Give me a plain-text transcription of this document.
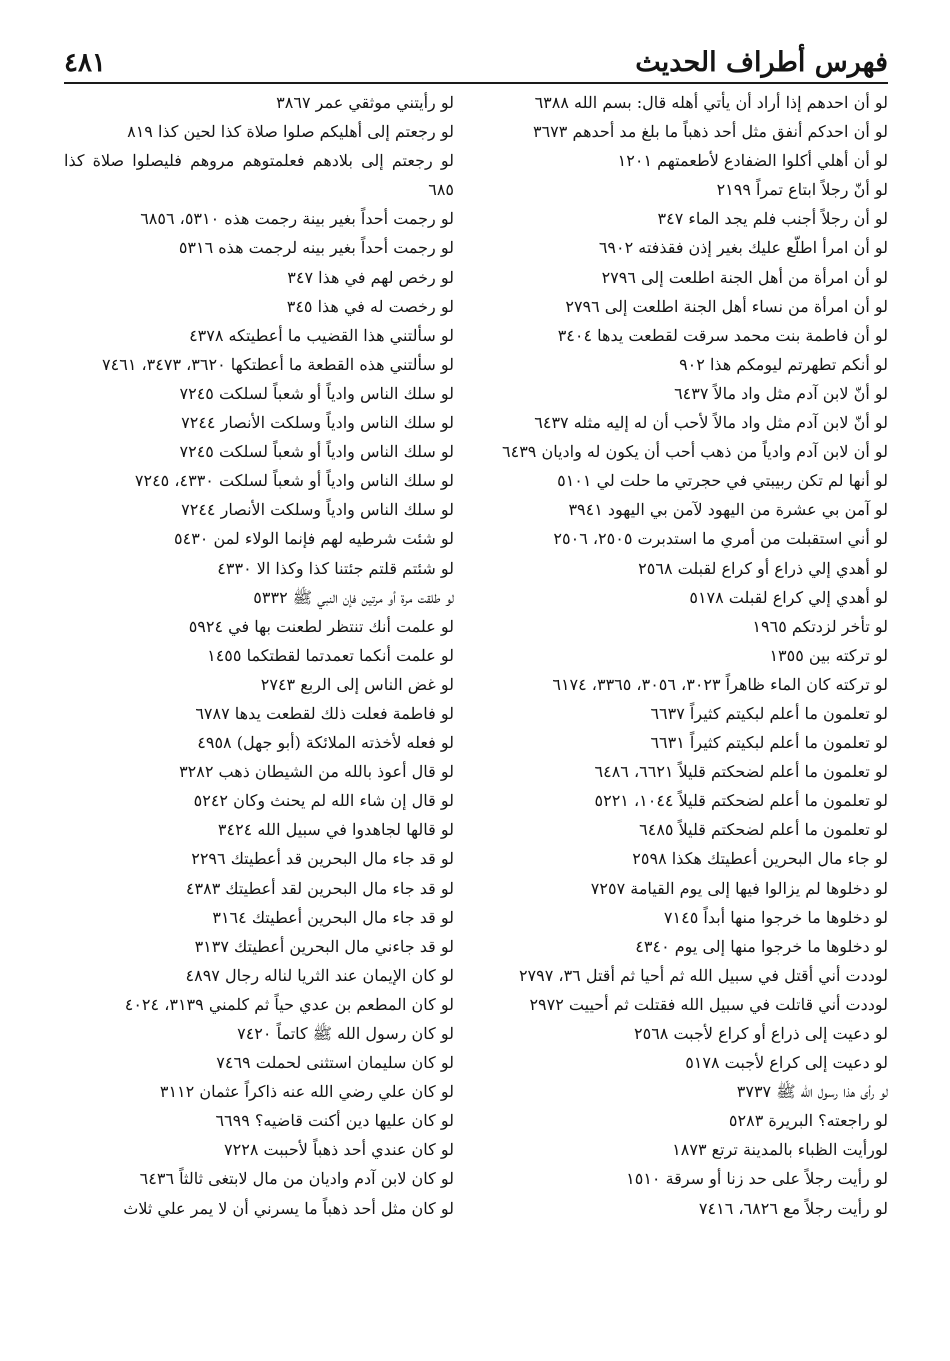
فهرس أطراف الحديث
٤٨١
لو أن احدهم إذا أراد أن يأتي أهله قال: بسم الله ٦٣٨٨
لو أن احدكم أنفق مثل أحد ذهباً ما بلغ مد أحدهم ٣٦٧٣
لو أن أهلي أكلوا الضفادع لأطعمتهم ١٢٠١
لو أنّ رجلاً ابتاع تمراً ٢١٩٩
لو أن رجلاً أجنب فلم يجد الماء ٣٤٧
لو أن امرأ اطلّع عليك بغير إذن فقذفته ٦٩٠٢
لو أن امرأة من أهل الجنة اطلعت إلى ٢٧٩٦
لو أن امرأة من نساء أهل الجنة اطلعت إلى ٢٧٩٦
لو أن فاطمة بنت محمد سرقت لقطعت يدها ٣٤٠٤
لو أنكم تطهرتم ليومكم هذا ٩٠٢
لو أنّ لابن آدم مثل واد مالاً ٦٤٣٧
لو أنّ لابن آدم مثل واد مالاً لأحب أن له إليه مثله ٦٤٣٧
لو أن لابن آدم وادياً من ذهب أحب أن يكون له واديان ٦٤٣٩
لو أنها لم تكن ربيبتي في حجرتي ما حلت لي ٥١٠١
لو آمن بي عشرة من اليهود لآمن بي اليهود ٣٩٤١
لو أني استقبلت من أمري ما استدبرت ٢٥٠٥، ٢٥٠٦
لو أهدي إلي ذراع أو كراع لقبلت ٢٥٦٨
لو أهدي إلي كراع لقبلت ٥١٧٨
لو تأخر لزدتكم ١٩٦٥
لو تركته بين ١٣٥٥
لو تركته كان الماء ظاهراً ٣٠٢٣، ٣٠٥٦، ٣٣٦٥، ٦١٧٤
لو تعلمون ما أعلم لبكيتم كثيراً ٦٦٣٧
لو تعلمون ما أعلم لبكيتم كثيراً ٦٦٣١
لو تعلمون ما أعلم لضحكتم قليلاً ٦٦٢١، ٦٤٨٦
لو تعلمون ما أعلم لضحكتم قليلاً ١٠٤٤، ٥٢٢١
لو تعلمون ما أعلم لضحكتم قليلاً ٦٤٨٥
لو جاء مال البحرين أعطيتك هكذا ٢٥٩٨
لو دخلوها لم يزالوا فيها إلى يوم القيامة ٧٢٥٧
لو دخلوها ما خرجوا منها أبداً ٧١٤٥
لو دخلوها ما خرجوا منها إلى يوم ٤٣٤٠
لوددت أني أقتل في سبيل الله ثم أحيا ثم أقتل ٣٦، ٢٧٩٧
لوددت أني قاتلت في سبيل الله فقتلت ثم أحييت ٢٩٧٢
لو دعيت إلى ذراع أو كراع لأجبت ٢٥٦٨
لو دعيت إلى كراع لأجبت ٥١٧٨
لو رأى هذا رسول الله ﷺ ٣٧٣٧
لو راجعته؟ البريرة ٥٢٨٣
لورأيت الظباء بالمدينة ترتع ١٨٧٣
لو رأيت رجلاً على حد زنا أو سرقة ١٥١٠
لو رأيت رجلاً مع ٦٨٢٦، ٧٤١٦
لو رأيتني موثقي عمر ٣٨٦٧
لو رجعتم إلى أهليكم صلوا صلاة كذا لحين كذا ٨١٩
لو رجعتم إلى بلادهم فعلمتوهم مروهم فليصلوا صلاة كذا ٦٨٥
لو رجمت أحداً بغير بينة رجمت هذه ٥٣١٠، ٦٨٥٦
لو رجمت أحداً بغير بينه لرجمت هذه ٥٣١٦
لو رخص لهم في هذا ٣٤٧
لو رخصت له في هذا ٣٤٥
لو سألتني هذا القضيب ما أعطيتكه ٤٣٧٨
لو سألتني هذه القطعة ما أعطتكها ٣٦٢٠، ٣٤٧٣، ٧٤٦١
لو سلك الناس وادياً أو شعباً لسلكت ٧٢٤٥
لو سلك الناس وادياً وسلكت الأنصار ٧٢٤٤
لو سلك الناس وادياً أو شعباً لسلكت ٧٢٤٥
لو سلك الناس وادياً أو شعباً لسلكت ٤٣٣٠، ٧٢٤٥
لو سلك الناس وادياً وسلكت الأنصار ٧٢٤٤
لو شئت شرطيه لهم فإنما الولاء لمن ٥٤٣٠
لو شئتم قلتم جئتنا كذا وكذا الا ٤٣٣٠
لو طلقت مرة أو مرتين فإن النبي ﷺ ٥٣٣٢
لو علمت أنك تنتظر لطعنت بها في ٥٩٢٤
لو علمت أنكما تعمدتما لقطتكما ١٤٥٥
لو غض الناس إلى الربع ٢٧٤٣
لو فاطمة فعلت ذلك لقطعت يدها ٦٧٨٧
لو فعله لأخذته الملائكة (أبو جهل) ٤٩٥٨
لو قال أعوذ بالله من الشيطان ذهب ٣٢٨٢
لو قال إن شاء الله لم يحنث وكان ٥٢٤٢
لو قالها لجاهدوا في سبيل الله ٣٤٢٤
لو قد جاء مال البحرين قد أعطيتك ٢٢٩٦
لو قد جاء مال البحرين لقد أعطيتك ٤٣٨٣
لو قد جاء مال البحرين أعطيتك ٣١٦٤
لو قد جاءني مال البحرين أعطيتك ٣١٣٧
لو كان الإيمان عند الثريا لناله رجال ٤٨٩٧
لو كان المطعم بن عدي حياً ثم كلمني ٣١٣٩، ٤٠٢٤
لو كان رسول الله ﷺ كاتماً ٧٤٢٠
لو كان سليمان استثنى لحملت ٧٤٦٩
لو كان علي رضي الله عنه ذاكراً عثمان ٣١١٢
لو كان عليها دين أكنت قاضيه؟ ٦٦٩٩
لو كان عندي أحد ذهباً لأحببت ٧٢٢٨
لو كان لابن آدم واديان من مال لابتغى ثالثاً ٦٤٣٦
لو كان مثل أحد ذهباً ما يسرني أن لا يمر علي ثلاث
